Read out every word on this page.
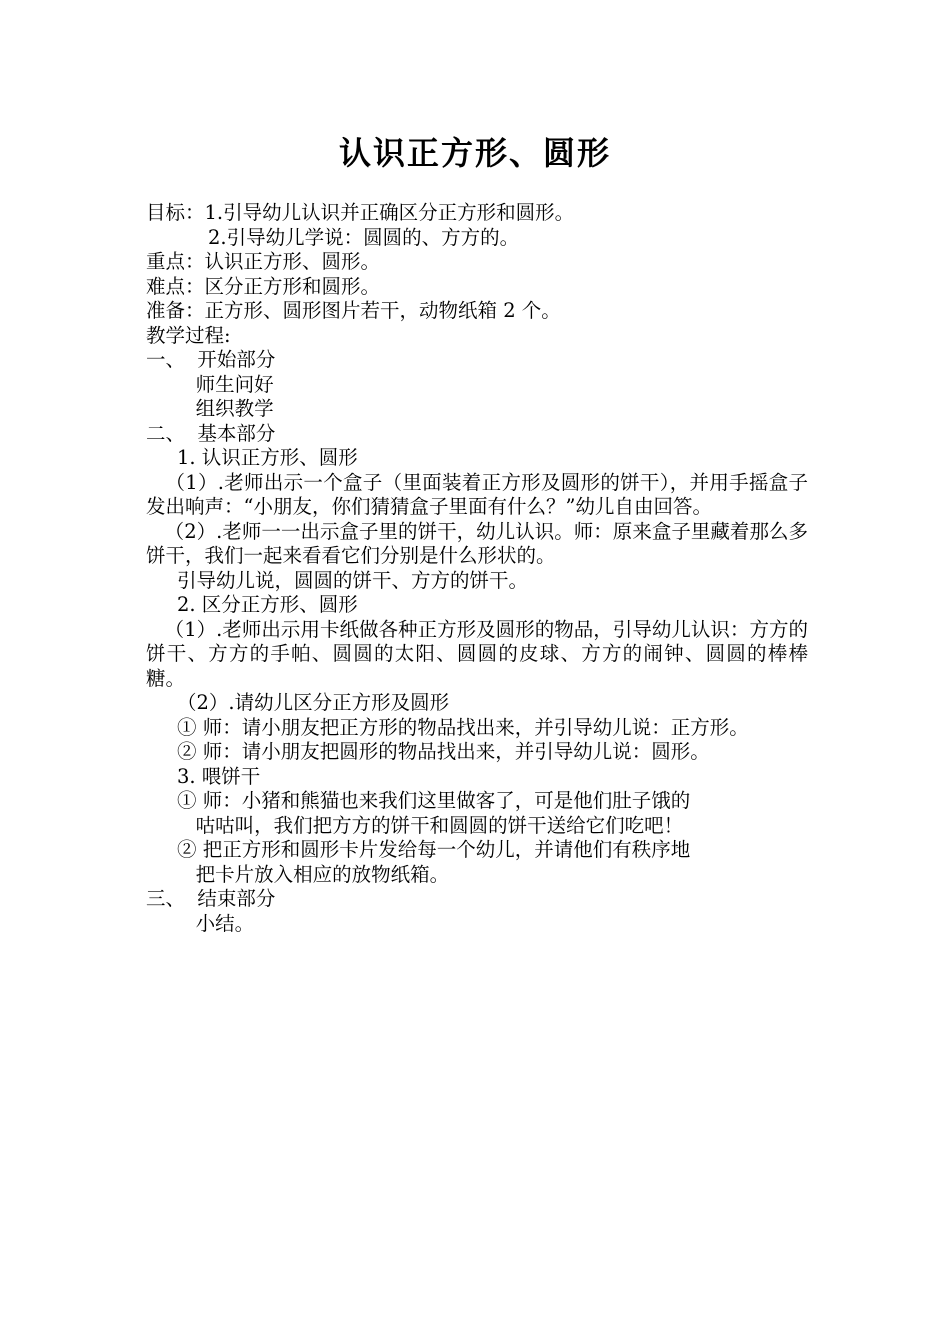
认识正方形、圆形
目标：1.引导幼儿认识并正确区分正方形和圆形。
2.引导幼儿学说：圆圆的、方方的。
重点：认识正方形、圆形。
难点：区分正方形和圆形。
准备：正方形、圆形图片若干，动物纸箱 2 个。
教学过程:
一、  开始部分
师生问好
组织教学
二、  基本部分
1. 认识正方形、圆形
（1）.老师出示一个盒子（里面装着正方形及圆形的饼干），并用手摇盒子发出响声：“小朋友，你们猜猜盒子里面有什么？”幼儿自由回答。
（2）.老师一一出示盒子里的饼干，幼儿认识。师：原来盒子里藏着那么多饼干，我们一起来看看它们分别是什么形状的。
引导幼儿说，圆圆的饼干、方方的饼干。
2. 区分正方形、圆形
（1）.老师出示用卡纸做各种正方形及圆形的物品，引导幼儿认识：方方的饼干、方方的手帕、圆圆的太阳、圆圆的皮球、方方的闹钟、圆圆的棒棒糖。
（2）.请幼儿区分正方形及圆形
① 师：请小朋友把正方形的物品找出来，并引导幼儿说：正方形。
② 师：请小朋友把圆形的物品找出来，并引导幼儿说：圆形。
3. 喂饼干
① 师：小猪和熊猫也来我们这里做客了，可是他们肚子饿的
咕咕叫，我们把方方的饼干和圆圆的饼干送给它们吃吧！
② 把正方形和圆形卡片发给每一个幼儿，并请他们有秩序地
把卡片放入相应的放物纸箱。
三、  结束部分
小结。
